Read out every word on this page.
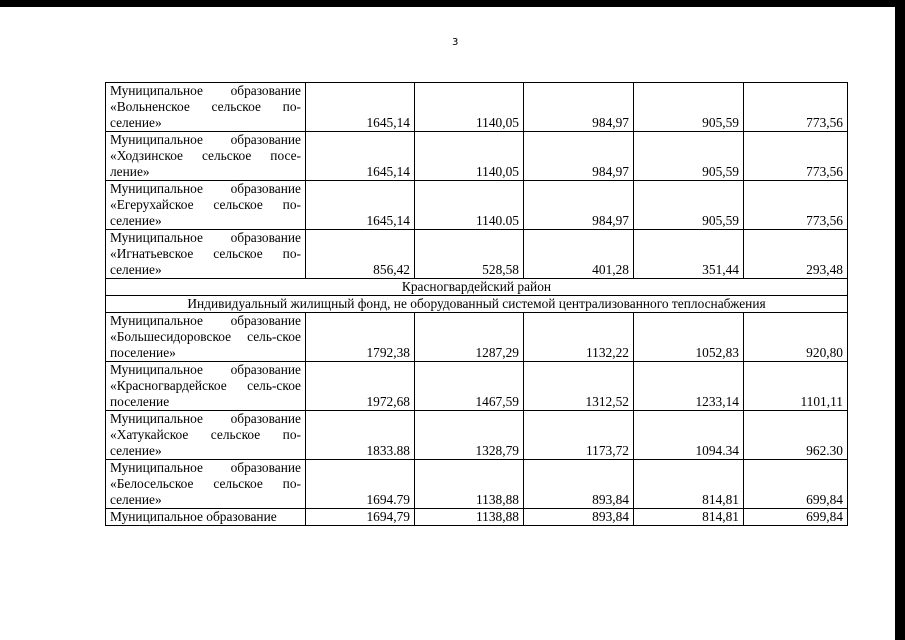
3
Муниципальное образование «Вольненское сельское по-селение»	1645,14	1140,05	984,97	905,59	773,56
Муниципальное образование «Ходзинское сельское посе-ление»	1645,14	1140,05	984,97	905,59	773,56
Муниципальное образование «Егерухайское сельское по-селение»	1645,14	1140.05	984,97	905,59	773,56
Муниципальное образование «Игнатьевское сельское по-селение»	856,42	528,58	401,28	351,44	293,48
Красногвардейский район					
Индивидуальный жилищный фонд, не оборудованный системой централизованного теплоснабжения					
Муниципальное образование «Большесидоровское сель-ское поселение»	1792,38	1287,29	1132,22	1052,83	920,80
Муниципальное образование «Красногвардейское сель-ское поселение	1972,68	1467,59	1312,52	1233,14	1101,11
Муниципальное образование «Хатукайское сельское по-селение»	1833.88	1328,79	1173,72	1094.34	962.30
Муниципальное образование «Белосельское сельское по-селение»	1694.79	1138,88	893,84	814,81	699,84
Муниципальное образование	1694,79	1138,88	893,84	814,81	699,84
